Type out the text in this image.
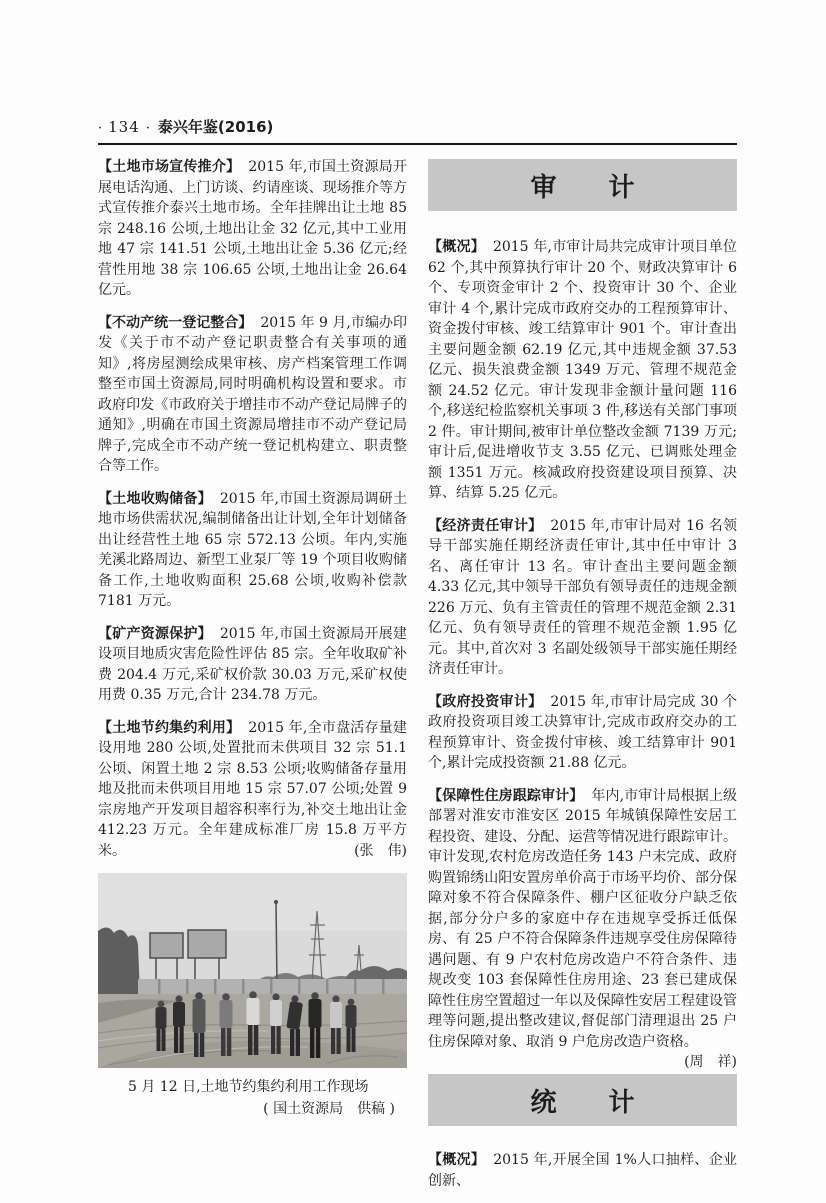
· 134 · 泰兴年鉴(2016)

【土地市场宣传推介】 2015 年,市国土资源局开展电话沟通、上门访谈、约请座谈、现场推介等方式宣传推介泰兴土地市场。全年挂牌出让土地 85 宗 248.16 公顷,土地出让金 32 亿元,其中工业用地 47 宗 141.51 公顷,土地出让金 5.36 亿元;经营性用地 38 宗 106.65 公顷,土地出让金 26.64 亿元。

【不动产统一登记整合】 2015 年 9 月,市编办印发《关于市不动产登记职责整合有关事项的通知》,将房屋测绘成果审核、房产档案管理工作调整至市国土资源局,同时明确机构设置和要求。市政府印发《市政府关于增挂市不动产登记局牌子的通知》,明确在市国土资源局增挂市不动产登记局牌子,完成全市不动产统一登记机构建立、职责整合等工作。

【土地收购储备】 2015 年,市国土资源局调研土地市场供需状况,编制储备出让计划,全年计划储备出让经营性土地 65 宗 572.13 公顷。年内,实施羌溪北路周边、新型工业泵厂等 19 个项目收购储备工作,土地收购面积 25.68 公顷,收购补偿款 7181 万元。

【矿产资源保护】 2015 年,市国土资源局开展建设项目地质灾害危险性评估 85 宗。全年收取矿补费 204.4 万元,采矿权价款 30.03 万元,采矿权使用费 0.35 万元,合计 234.78 万元。

【土地节约集约利用】 2015 年,全市盘活存量建设用地 280 公顷,处置批而未供项目 32 宗 51.1 公顷、闲置土地 2 宗 8.53 公顷;收购储备存量用地及批而未供项目用地 15 宗 57.07 公顷;处置 9 宗房地产开发项目超容积率行为,补交土地出让金 412.23 万元。全年建成标准厂房 15.8 万平方米。	(张　伟)

5 月 12 日,土地节约集约利用工作现场
( 国土资源局　供稿 )
审　　计

【概况】 2015 年,市审计局共完成审计项目单位 62 个,其中预算执行审计 20 个、财政决算审计 6 个、专项资金审计 2 个、投资审计 30 个、企业审计 4 个,累计完成市政府交办的工程预算审计、资金拨付审核、竣工结算审计 901 个。审计查出主要问题金额 62.19 亿元,其中违规金额 37.53 亿元、损失浪费金额 1349 万元、管理不规范金额 24.52 亿元。审计发现非金额计量问题 116 个,移送纪检监察机关事项 3 件,移送有关部门事项 2 件。审计期间,被审计单位整改金额 7139 万元;审计后,促进增收节支 3.55 亿元、已调账处理金额 1351 万元。核减政府投资建设项目预算、决算、结算 5.25 亿元。

【经济责任审计】 2015 年,市审计局对 16 名领导干部实施任期经济责任审计,其中任中审计 3 名、离任审计 13 名。审计查出主要问题金额 4.33 亿元,其中领导干部负有领导责任的违规金额 226 万元、负有主管责任的管理不规范金额 2.31 亿元、负有领导责任的管理不规范金额 1.95 亿元。其中,首次对 3 名副处级领导干部实施任期经济责任审计。

【政府投资审计】 2015 年,市审计局完成 30 个政府投资项目竣工决算审计,完成市政府交办的工程预算审计、资金拨付审核、竣工结算审计 901 个,累计完成投资额 21.88 亿元。

【保障性住房跟踪审计】 年内,市审计局根据上级部署对淮安市淮安区 2015 年城镇保障性安居工程投资、建设、分配、运营等情况进行跟踪审计。审计发现,农村危房改造任务 143 户未完成、政府购置锦绣山阳安置房单价高于市场平均价、部分保障对象不符合保障条件、棚户区征收分户缺乏依据,部分分户多的家庭中存在违规享受拆迁低保房、有 25 户不符合保障条件违规享受住房保障待遇问题、有 9 户农村危房改造户不符合条件、违规改变 103 套保障性住房用途、23 套已建成保障性住房空置超过一年以及保障性安居工程建设管理等问题,提出整改建议,督促部门清理退出 25 户住房保障对象、取消 9 户危房改造户资格。
(周　祥)

统　　计

【概况】 2015 年,开展全国 1%人口抽样、企业创新、
